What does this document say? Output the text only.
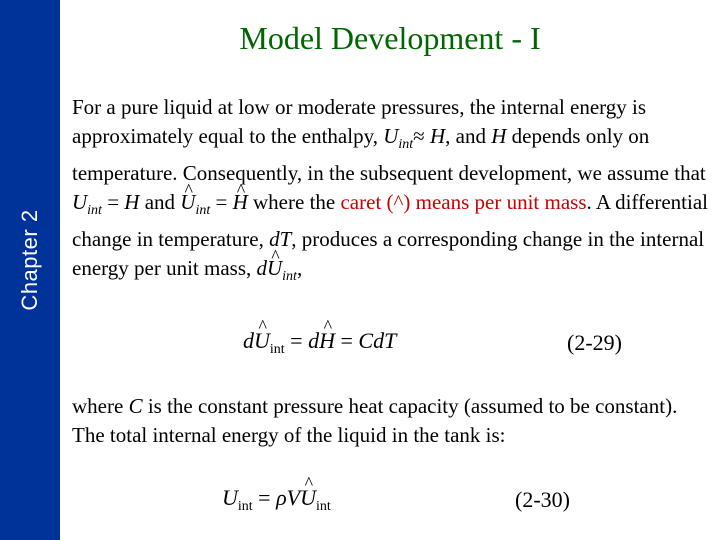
Chapter 2
Model Development - I
For a pure liquid at low or moderate pressures, the internal energy is approximately equal to the enthalpy, $U_{int}\approx H$, and H depends only on temperature. Consequently, in the subsequent development, we assume that $U_{int} = H$ and ^ $U_{int}$ = ^ H where the caret (^) means per unit mass. A differential change in temperature, dT, produces a corresponding change in the internal energy per unit mass, d^ $U_{int}$,
d^ $U_{int}$ = d^ H = CdT	(2-29)
where C is the constant pressure heat capacity (assumed to be constant). The total internal energy of the liquid in the tank is:
$U_{int}$ = ρV^ $U_{int}$	(2-30)
